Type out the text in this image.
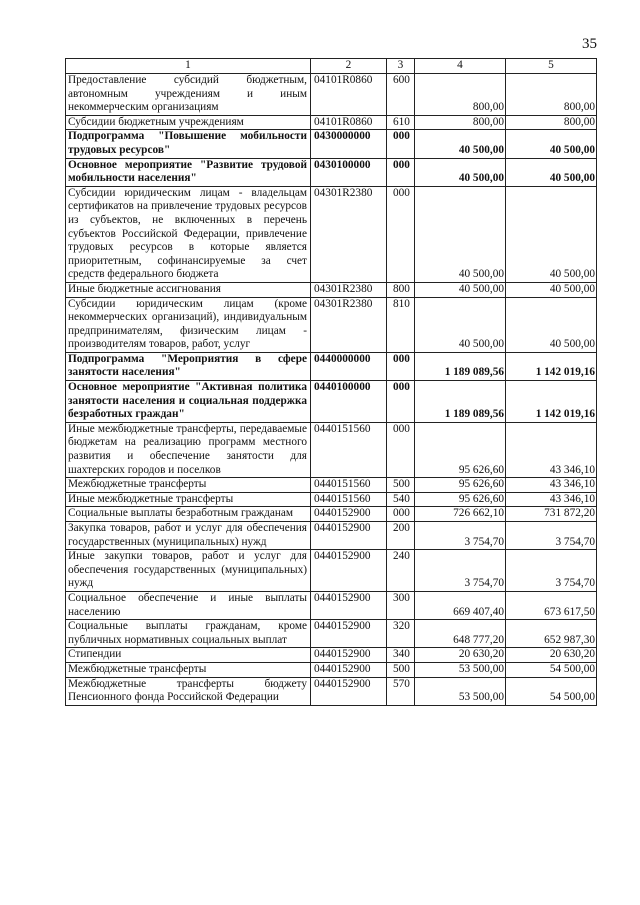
35
1	2	3	4	5
Предоставление субсидий бюджетным, автономным учреждениям и иным некоммерческим организациям	04101R0860	600	800,00	800,00
Субсидии бюджетным учреждениям	04101R0860	610	800,00	800,00
Подпрограмма "Повышение мобильности трудовых ресурсов"	0430000000	000	40 500,00	40 500,00
Основное мероприятие "Развитие трудовой мобильности населения"	0430100000	000	40 500,00	40 500,00
Субсидии юридическим лицам - владельцам сертификатов на привлечение трудовых ресурсов из субъектов, не включенных в перечень субъектов Российской Федерации, привлечение трудовых ресурсов в которые является приоритетным, софинансируемые за счет средств федерального бюджета	04301R2380	000	40 500,00	40 500,00
Иные бюджетные ассигнования	04301R2380	800	40 500,00	40 500,00
Субсидии юридическим лицам (кроме некоммерческих организаций), индивидуальным предпринимателям, физическим лицам - производителям товаров, работ, услуг	04301R2380	810	40 500,00	40 500,00
Подпрограмма "Мероприятия в сфере занятости населения"	0440000000	000	1 189 089,56	1 142 019,16
Основное мероприятие "Активная политика занятости населения и социальная поддержка безработных граждан"	0440100000	000	1 189 089,56	1 142 019,16
Иные межбюджетные трансферты, передаваемые бюджетам на реализацию программ местного развития и обеспечение занятости для шахтерских городов и поселков	0440151560	000	95 626,60	43 346,10
Межбюджетные трансферты	0440151560	500	95 626,60	43 346,10
Иные межбюджетные трансферты	0440151560	540	95 626,60	43 346,10
Социальные выплаты безработным гражданам	0440152900	000	726 662,10	731 872,20
Закупка товаров, работ и услуг для обеспечения государственных (муниципальных) нужд	0440152900	200	3 754,70	3 754,70
Иные закупки товаров, работ и услуг для обеспечения государственных (муниципальных) нужд	0440152900	240	3 754,70	3 754,70
Социальное обеспечение и иные выплаты населению	0440152900	300	669 407,40	673 617,50
Социальные выплаты гражданам, кроме публичных нормативных социальных выплат	0440152900	320	648 777,20	652 987,30
Стипендии	0440152900	340	20 630,20	20 630,20
Межбюджетные трансферты	0440152900	500	53 500,00	54 500,00
Межбюджетные трансферты бюджету Пенсионного фонда Российской Федерации	0440152900	570	53 500,00	54 500,00
